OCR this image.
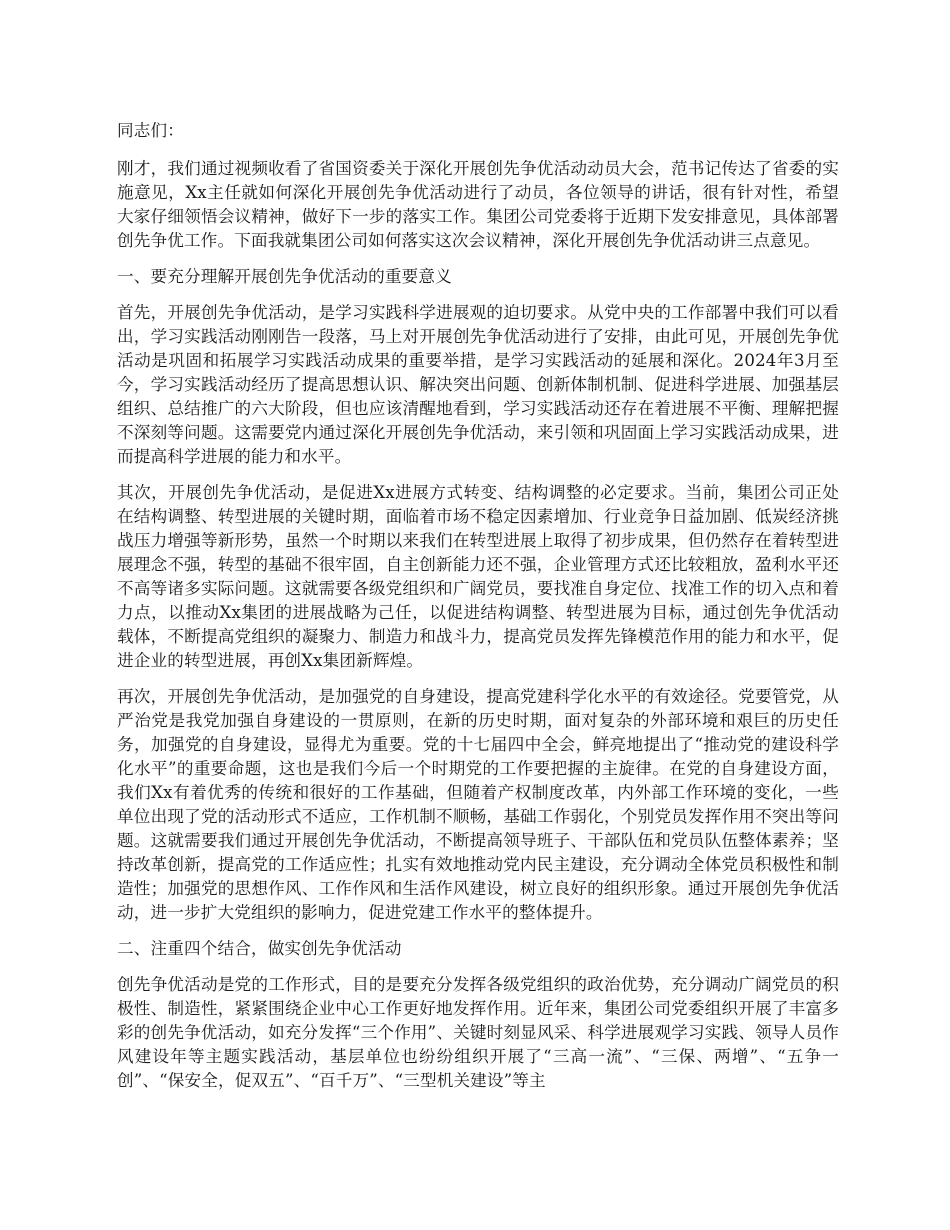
同志们：

刚才，我们通过视频收看了省国资委关于深化开展创先争优活动动员大会，范书记传达了省委的实施意见，Xx主任就如何深化开展创先争优活动进行了动员，各位领导的讲话，很有针对性，希望大家仔细领悟会议精神，做好下一步的落实工作。集团公司党委将于近期下发安排意见，具体部署创先争优工作。下面我就集团公司如何落实这次会议精神，深化开展创先争优活动讲三点意见。

一、要充分理解开展创先争优活动的重要意义

首先，开展创先争优活动，是学习实践科学进展观的迫切要求。从党中央的工作部署中我们可以看出，学习实践活动刚刚告一段落，马上对开展创先争优活动进行了安排，由此可见，开展创先争优活动是巩固和拓展学习实践活动成果的重要举措，是学习实践活动的延展和深化。2024年3月至今，学习实践活动经历了提高思想认识、解决突出问题、创新体制机制、促进科学进展、加强基层组织、总结推广的六大阶段，但也应该清醒地看到，学习实践活动还存在着进展不平衡、理解把握不深刻等问题。这需要党内通过深化开展创先争优活动，来引领和巩固面上学习实践活动成果，进而提高科学进展的能力和水平。

其次，开展创先争优活动，是促进Xx进展方式转变、结构调整的必定要求。当前，集团公司正处在结构调整、转型进展的关键时期，面临着市场不稳定因素增加、行业竞争日益加剧、低炭经济挑战压力增强等新形势，虽然一个时期以来我们在转型进展上取得了初步成果，但仍然存在着转型进展理念不强，转型的基础不很牢固，自主创新能力还不强，企业管理方式还比较粗放，盈利水平还不高等诸多实际问题。这就需要各级党组织和广阔党员，要找准自身定位、找准工作的切入点和着力点，以推动Xx集团的进展战略为己任，以促进结构调整、转型进展为目标，通过创先争优活动载体，不断提高党组织的凝聚力、制造力和战斗力，提高党员发挥先锋模范作用的能力和水平，促进企业的转型进展，再创Xx集团新辉煌。

再次，开展创先争优活动，是加强党的自身建设，提高党建科学化水平的有效途径。党要管党，从严治党是我党加强自身建设的一贯原则，在新的历史时期，面对复杂的外部环境和艰巨的历史任务，加强党的自身建设，显得尤为重要。党的十七届四中全会，鲜亮地提出了“推动党的建设科学化水平”的重要命题，这也是我们今后一个时期党的工作要把握的主旋律。在党的自身建设方面，我们Xx有着优秀的传统和很好的工作基础，但随着产权制度改革，内外部工作环境的变化，一些单位出现了党的活动形式不适应，工作机制不顺畅，基础工作弱化，个别党员发挥作用不突出等问题。这就需要我们通过开展创先争优活动，不断提高领导班子、干部队伍和党员队伍整体素养；坚持改革创新，提高党的工作适应性；扎实有效地推动党内民主建设，充分调动全体党员积极性和制造性；加强党的思想作风、工作作风和生活作风建设，树立良好的组织形象。通过开展创先争优活动，进一步扩大党组织的影响力，促进党建工作水平的整体提升。

二、注重四个结合，做实创先争优活动

创先争优活动是党的工作形式，目的是要充分发挥各级党组织的政治优势，充分调动广阔党员的积极性、制造性，紧紧围绕企业中心工作更好地发挥作用。近年来，集团公司党委组织开展了丰富多彩的创先争优活动，如充分发挥“三个作用”、关键时刻显风采、科学进展观学习实践、领导人员作风建设年等主题实践活动，基层单位也纷纷组织开展了“三高一流”、“三保、两增”、“五争一创”、“保安全，促双五”、“百千万”、“三型机关建设”等主
